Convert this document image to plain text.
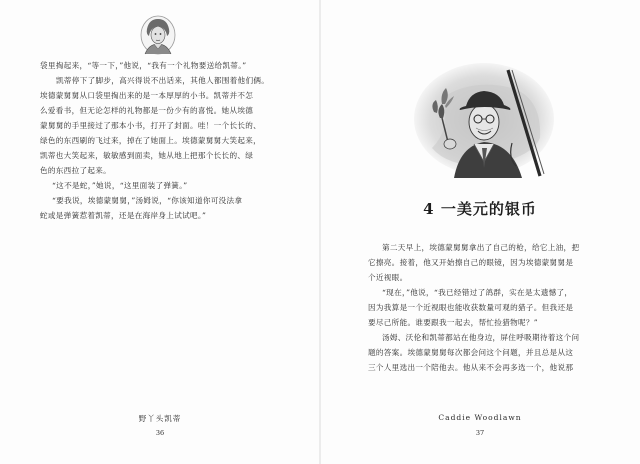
袋里掏起来，“等一下，”他说，“我有一个礼物要送给凯蒂。”

凯蒂停下了脚步，高兴得说不出话来，其他人都围着他们俩。

埃德蒙舅舅从口袋里掏出来的是一本厚厚的小书。凯蒂并不怎

么爱看书，但无论怎样的礼物都是一份少有的喜悦。她从埃德

蒙舅舅的手里接过了那本小书，打开了封面。哇！一个长长的、

绿色的东西刷的飞过来，掉在了她面上。埃德蒙舅舅大笑起来，

凯蒂也大笑起来，敏敏感到面卖，她从地上把那个长长的、绿

色的东西拉了起来。

“这不是蛇，”她说，“这里面装了弹簧。”

“要我说，埃德蒙舅舅，”汤姆说，“你该知道你可没法拿

蛇或是弹簧惹着凯蒂，还是在海岸身上试试吧。”

野丫头凯蒂
36
4 一美元的银币

第二天早上，埃德蒙舅舅拿出了自己的枪，给它上油，把

它擦亮。接着，他又开始擦自己的眼镜，因为埃德蒙舅舅是

个近视眼。

“现在，”他说，“我已经错过了鸽群，实在是太遗憾了，

因为我算是一个近视眼也能收获数量可观的猎子。但我还是

要尽己所能。谁要跟我一起去，帮忙捡猎物呢？”

汤姆、沃伦和凯蒂都站在他身边，屏住呼吸期待着这个问

题的答案。埃德蒙舅舅每次都会问这个问题，并且总是从这

三个人里选出一个陪他去。他从来不会再多选一个，他说那

Caddie Woodlawn
37
